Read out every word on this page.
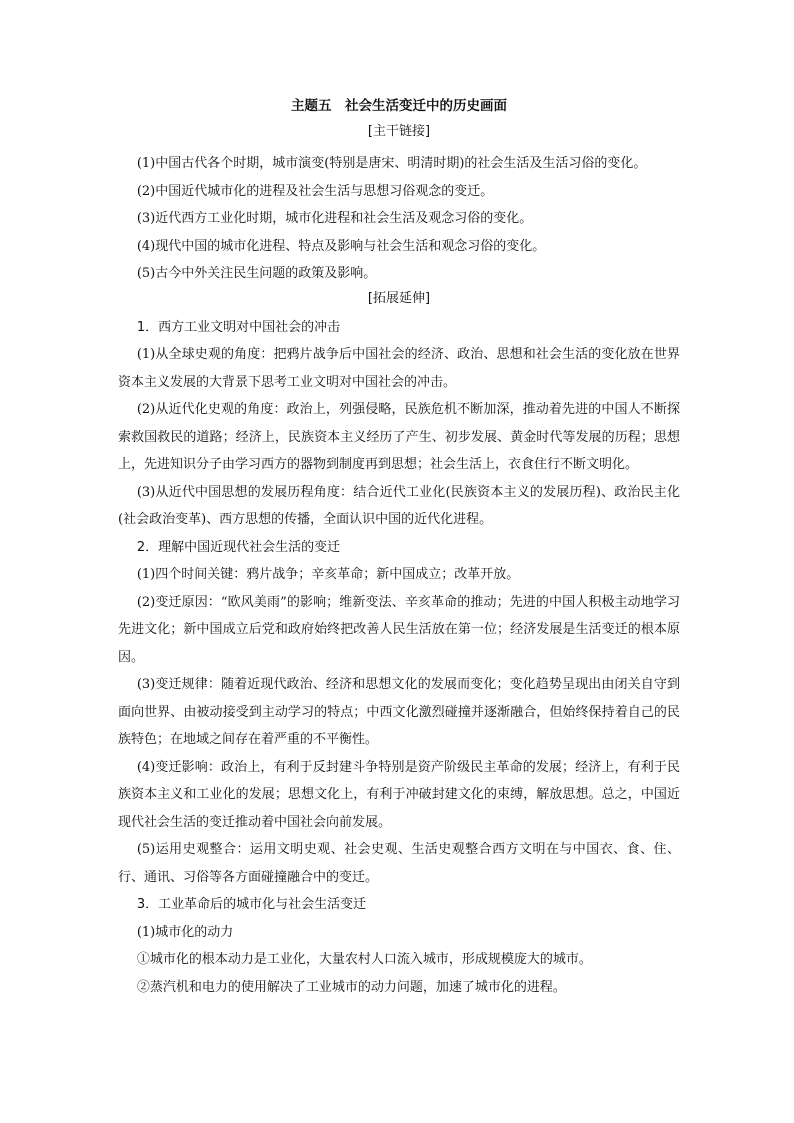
主题五　社会生活变迁中的历史画面
[主干链接]

(1)中国古代各个时期，城市演变(特别是唐宋、明清时期)的社会生活及生活习俗的变化。

(2)中国近代城市化的进程及社会生活与思想习俗观念的变迁。

(3)近代西方工业化时期，城市化进程和社会生活及观念习俗的变化。

(4)现代中国的城市化进程、特点及影响与社会生活和观念习俗的变化。

(5)古今中外关注民生问题的政策及影响。

[拓展延伸]

1．西方工业文明对中国社会的冲击

(1)从全球史观的角度：把鸦片战争后中国社会的经济、政治、思想和社会生活的变化放在世界资本主义发展的大背景下思考工业文明对中国社会的冲击。

(2)从近代化史观的角度：政治上，列强侵略，民族危机不断加深，推动着先进的中国人不断探索救国救民的道路；经济上，民族资本主义经历了产生、初步发展、黄金时代等发展的历程；思想上，先进知识分子由学习西方的器物到制度再到思想；社会生活上，衣食住行不断文明化。

(3)从近代中国思想的发展历程角度：结合近代工业化(民族资本主义的发展历程)、政治民主化(社会政治变革)、西方思想的传播，全面认识中国的近代化进程。

2．理解中国近现代社会生活的变迁

(1)四个时间关键：鸦片战争；辛亥革命；新中国成立；改革开放。

(2)变迁原因：“欧风美雨”的影响；维新变法、辛亥革命的推动；先进的中国人积极主动地学习先进文化；新中国成立后党和政府始终把改善人民生活放在第一位；经济发展是生活变迁的根本原因。

(3)变迁规律：随着近现代政治、经济和思想文化的发展而变化；变化趋势呈现出由闭关自守到面向世界、由被动接受到主动学习的特点；中西文化激烈碰撞并逐渐融合，但始终保持着自己的民族特色；在地域之间存在着严重的不平衡性。

(4)变迁影响：政治上，有利于反封建斗争特别是资产阶级民主革命的发展；经济上，有利于民族资本主义和工业化的发展；思想文化上，有利于冲破封建文化的束缚，解放思想。总之，中国近现代社会生活的变迁推动着中国社会向前发展。

(5)运用史观整合：运用文明史观、社会史观、生活史观整合西方文明在与中国衣、食、住、行、通讯、习俗等各方面碰撞融合中的变迁。

3．工业革命后的城市化与社会生活变迁

(1)城市化的动力

①城市化的根本动力是工业化，大量农村人口流入城市，形成规模庞大的城市。

②蒸汽机和电力的使用解决了工业城市的动力问题，加速了城市化的进程。
